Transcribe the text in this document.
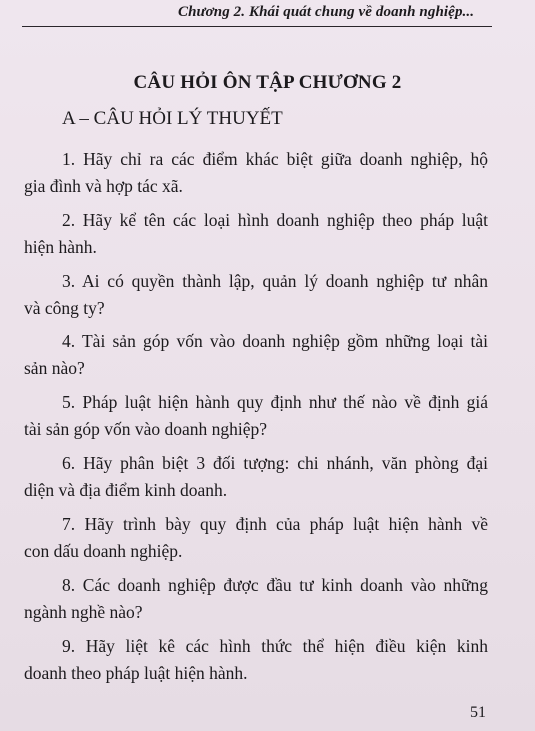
Chương 2. Khái quát chung về doanh nghiệp...
CÂU HỎI ÔN TẬP CHƯƠNG 2
A – CÂU HỎI LÝ THUYẾT
1. Hãy chỉ ra các điểm khác biệt giữa doanh nghiệp, hộ
gia đình và hợp tác xã.
2. Hãy kể tên các loại hình doanh nghiệp theo pháp luật
hiện hành.
3. Ai có quyền thành lập, quản lý doanh nghiệp tư nhân
và công ty?
4. Tài sản góp vốn vào doanh nghiệp gồm những loại tài
sản nào?
5. Pháp luật hiện hành quy định như thế nào về định giá
tài sản góp vốn vào doanh nghiệp?
6. Hãy phân biệt 3 đối tượng: chi nhánh, văn phòng đại
diện và địa điểm kinh doanh.
7. Hãy trình bày quy định của pháp luật hiện hành về
con dấu doanh nghiệp.
8. Các doanh nghiệp được đầu tư kinh doanh vào những
ngành nghề nào?
9. Hãy liệt kê các hình thức thể hiện điều kiện kinh
doanh theo pháp luật hiện hành.
51
